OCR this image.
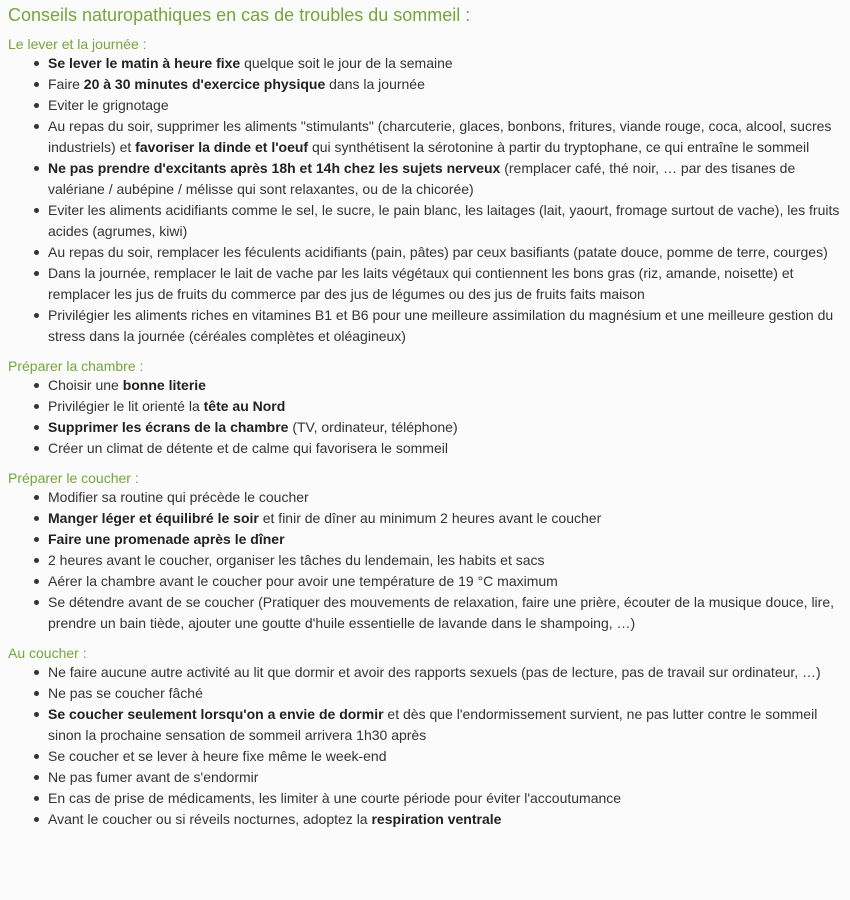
Conseils naturopathiques en cas de troubles du sommeil :
Le lever et la journée :
Se lever le matin à heure fixe quelque soit le jour de la semaine
Faire 20 à 30 minutes d'exercice physique dans la journée
Eviter le grignotage
Au repas du soir, supprimer les aliments "stimulants" (charcuterie, glaces, bonbons, fritures, viande rouge, coca, alcool, sucres industriels) et favoriser la dinde et l'oeuf qui synthétisent la sérotonine à partir du tryptophane, ce qui entraîne le sommeil
Ne pas prendre d'excitants après 18h et 14h chez les sujets nerveux (remplacer café, thé noir, … par des tisanes de valériane / aubépine / mélisse qui sont relaxantes, ou de la chicorée)
Eviter les aliments acidifiants comme le sel, le sucre, le pain blanc, les laitages (lait, yaourt, fromage surtout de vache), les fruits acides (agrumes, kiwi)
Au repas du soir, remplacer les féculents acidifiants (pain, pâtes) par ceux basifiants (patate douce, pomme de terre, courges)
Dans la journée, remplacer le lait de vache par les laits végétaux qui contiennent les bons gras (riz, amande, noisette) et remplacer les jus de fruits du commerce par des jus de légumes ou des jus de fruits faits maison
Privilégier les aliments riches en vitamines B1 et B6 pour une meilleure assimilation du magnésium et une meilleure gestion du stress dans la journée (céréales complètes et oléagineux)
Préparer la chambre :
Choisir une bonne literie
Privilégier le lit orienté la tête au Nord
Supprimer les écrans de la chambre (TV, ordinateur, téléphone)
Créer un climat de détente et de calme qui favorisera le sommeil
Préparer le coucher :
Modifier sa routine qui précède le coucher
Manger léger et équilibré le soir et finir de dîner au minimum 2 heures avant le coucher
Faire une promenade après le dîner
2 heures avant le coucher, organiser les tâches du lendemain, les habits et sacs
Aérer la chambre avant le coucher pour avoir une température de 19 °C maximum
Se détendre avant de se coucher (Pratiquer des mouvements de relaxation, faire une prière, écouter de la musique douce, lire, prendre un bain tiède, ajouter une goutte d'huile essentielle de lavande dans le shampoing, …)
Au coucher :
Ne faire aucune autre activité au lit que dormir et avoir des rapports sexuels (pas de lecture, pas de travail sur ordinateur, …)
Ne pas se coucher fâché
Se coucher seulement lorsqu'on a envie de dormir et dès que l'endormissement survient, ne pas lutter contre le sommeil sinon la prochaine sensation de sommeil arrivera 1h30 après
Se coucher et se lever à heure fixe même le week-end
Ne pas fumer avant de s'endormir
En cas de prise de médicaments, les limiter à une courte période pour éviter l'accoutumance
Avant le coucher ou si réveils nocturnes, adoptez la respiration ventrale
